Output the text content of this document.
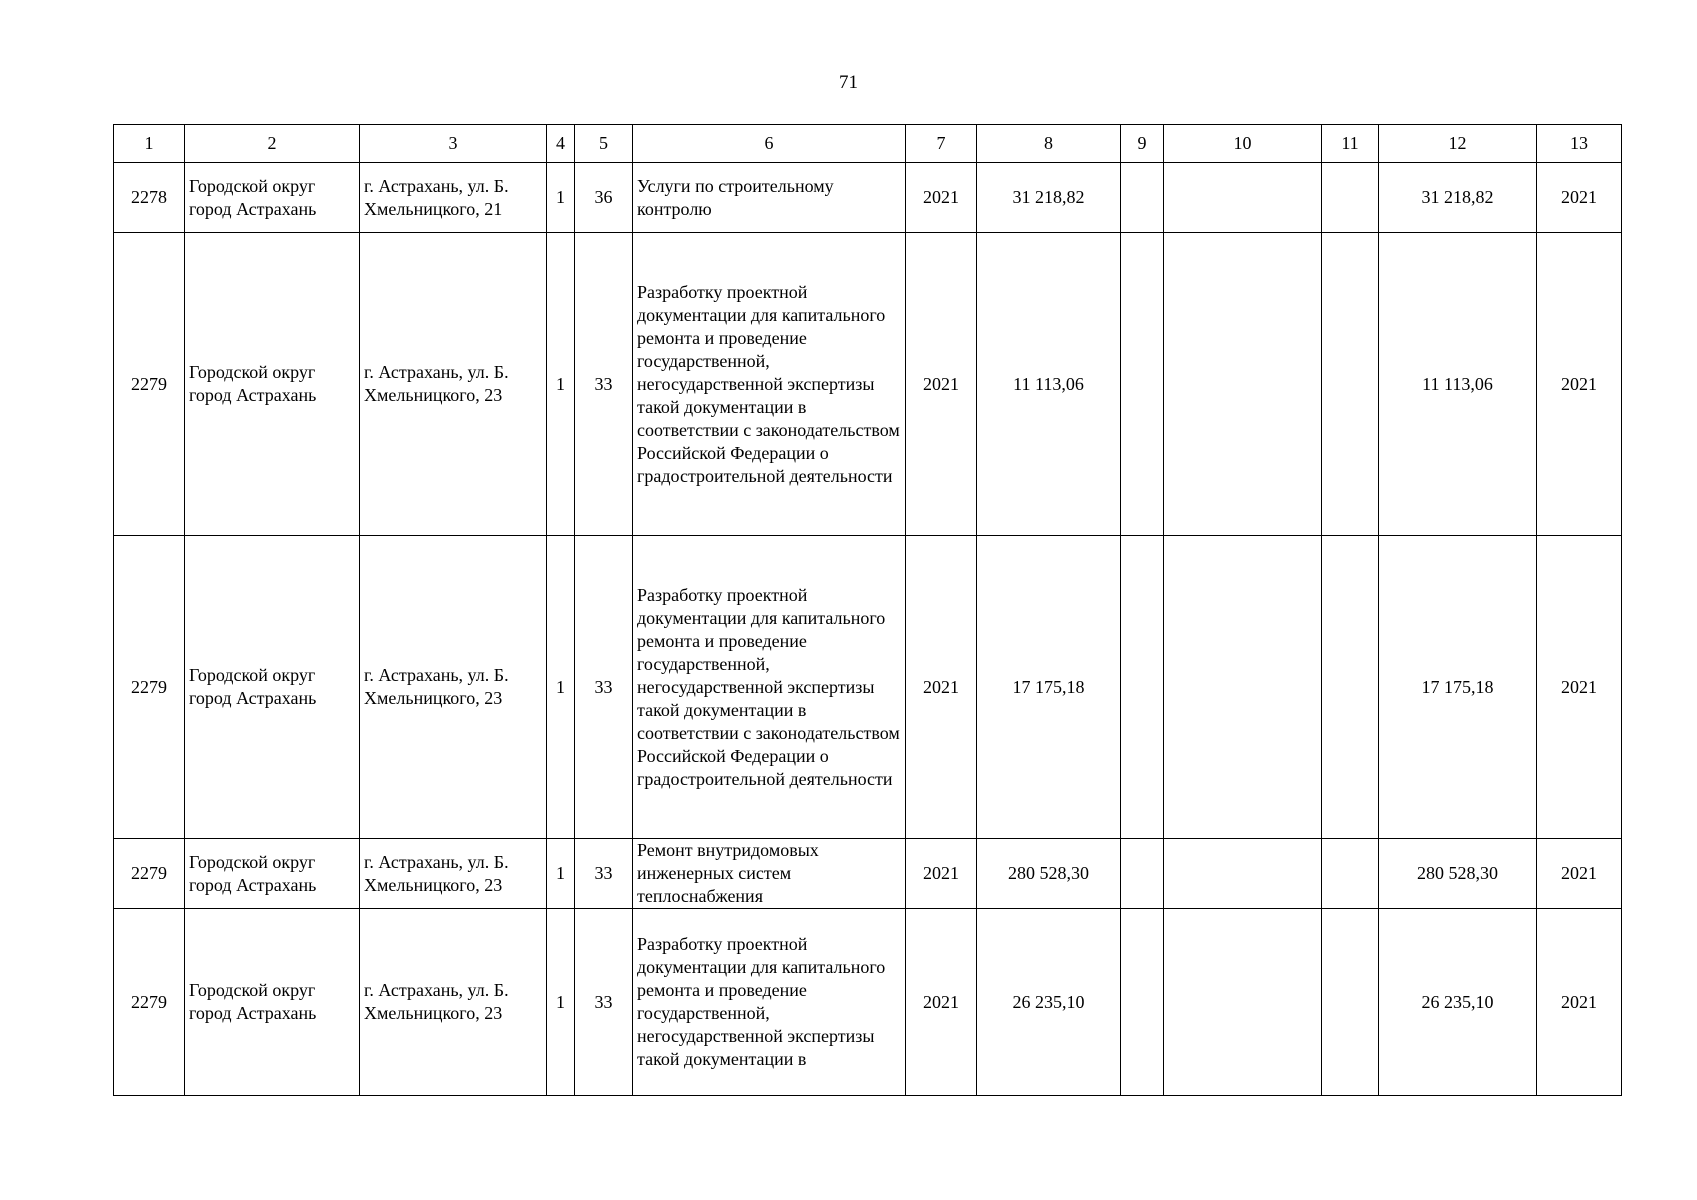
71
1	2	3	4	5	6	7	8	9	10	11	12	13
2278	Городской округ город Астрахань	г. Астрахань, ул. Б. Хмельницкого, 21	1	36	Услуги по строительному контролю	2021	31 218,82				31 218,82	2021
2279	Городской округ город Астрахань	г. Астрахань, ул. Б. Хмельницкого, 23	1	33	Разработку проектной документации для капитального ремонта и проведение государственной, негосударственной экспертизы такой документации в соответствии с законодательством Российской Федерации о градостроительной деятельности	2021	11 113,06				11 113,06	2021
2279	Городской округ город Астрахань	г. Астрахань, ул. Б. Хмельницкого, 23	1	33	Разработку проектной документации для капитального ремонта и проведение государственной, негосударственной экспертизы такой документации в соответствии с законодательством Российской Федерации о градостроительной деятельности	2021	17 175,18				17 175,18	2021
2279	Городской округ город Астрахань	г. Астрахань, ул. Б. Хмельницкого, 23	1	33	Ремонт внутридомовых инженерных систем теплоснабжения	2021	280 528,30				280 528,30	2021
2279	Городской округ город Астрахань	г. Астрахань, ул. Б. Хмельницкого, 23	1	33	Разработку проектной документации для капитального ремонта и проведение государственной, негосударственной экспертизы такой документации в	2021	26 235,10				26 235,10	2021
